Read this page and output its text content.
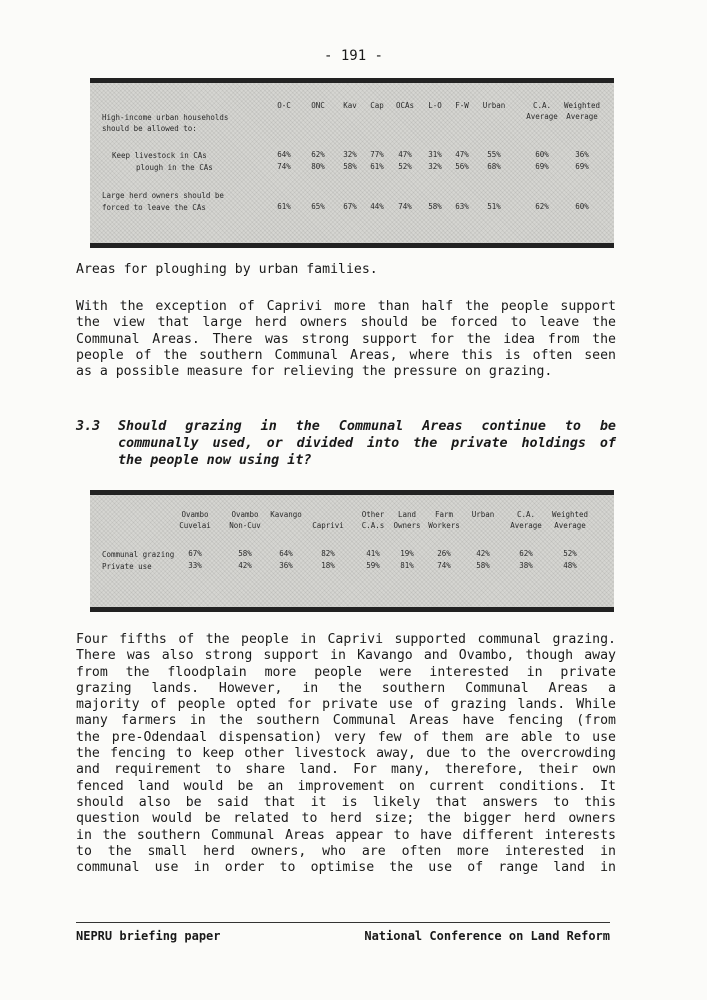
- 191 -
O-C	ONC Kav Cap OCAs L-O F-W Urban	C.A. Weighted
Average Average
High-income urban households
should be allowed to:
Keep livestock in CAs	64%	62% 32% 77% 47% 31% 47% 55%	60%	36%
plough in the CAs	74%	80% 58% 61% 52% 32% 56% 68%	69%	69%
Large herd owners should be
forced to leave the CAs	61%	65% 67% 44% 74% 58% 63% 51%	62%	60%
Areas for ploughing by urban families.
With the exception of Caprivi more than half the people support
the view that large herd owners should be forced to leave the
Communal Areas. There was strong support for the idea from the
people of the southern Communal Areas, where this is often seen
as a possible measure for relieving the pressure on grazing.
3.3 Should grazing in the Communal Areas continue to be
communally used, or divided into the private holdings of
the people now using it?
Ovambo	Ovambo Kavango	Other Land	Farm Urban	C.A. Weighted
Cuvelai Non-Cuv	Caprivi C.A.s Owners Workers	Average Average
Communal grazing 67%	58%	64%	82%	41%	19%	26%	42%	62%	52%
Private use	33%	42%	36%	18%	59%	81%	74%	58%	38%	48%
Four fifths of the people in Caprivi supported communal grazing.
There was also strong support in Kavango and Ovambo, though away
from the floodplain more people were interested in private
grazing lands. However, in the southern Communal Areas a
majority of people opted for private use of grazing lands. While
many farmers in the southern Communal Areas have fencing (from
the pre-Odendaal dispensation) very few of them are able to use
the fencing to keep other livestock away, due to the overcrowding
and requirement to share land. For many, therefore, their own
fenced land would be an improvement on current conditions. It
should also be said that it is likely that answers to this
question would be related to herd size; the bigger herd owners
in the southern Communal Areas appear to have different interests
to the small herd owners, who are often more interested in
communal use in order to optimise the use of range land in
NEPRU briefing paper	National Conference on Land Reform
